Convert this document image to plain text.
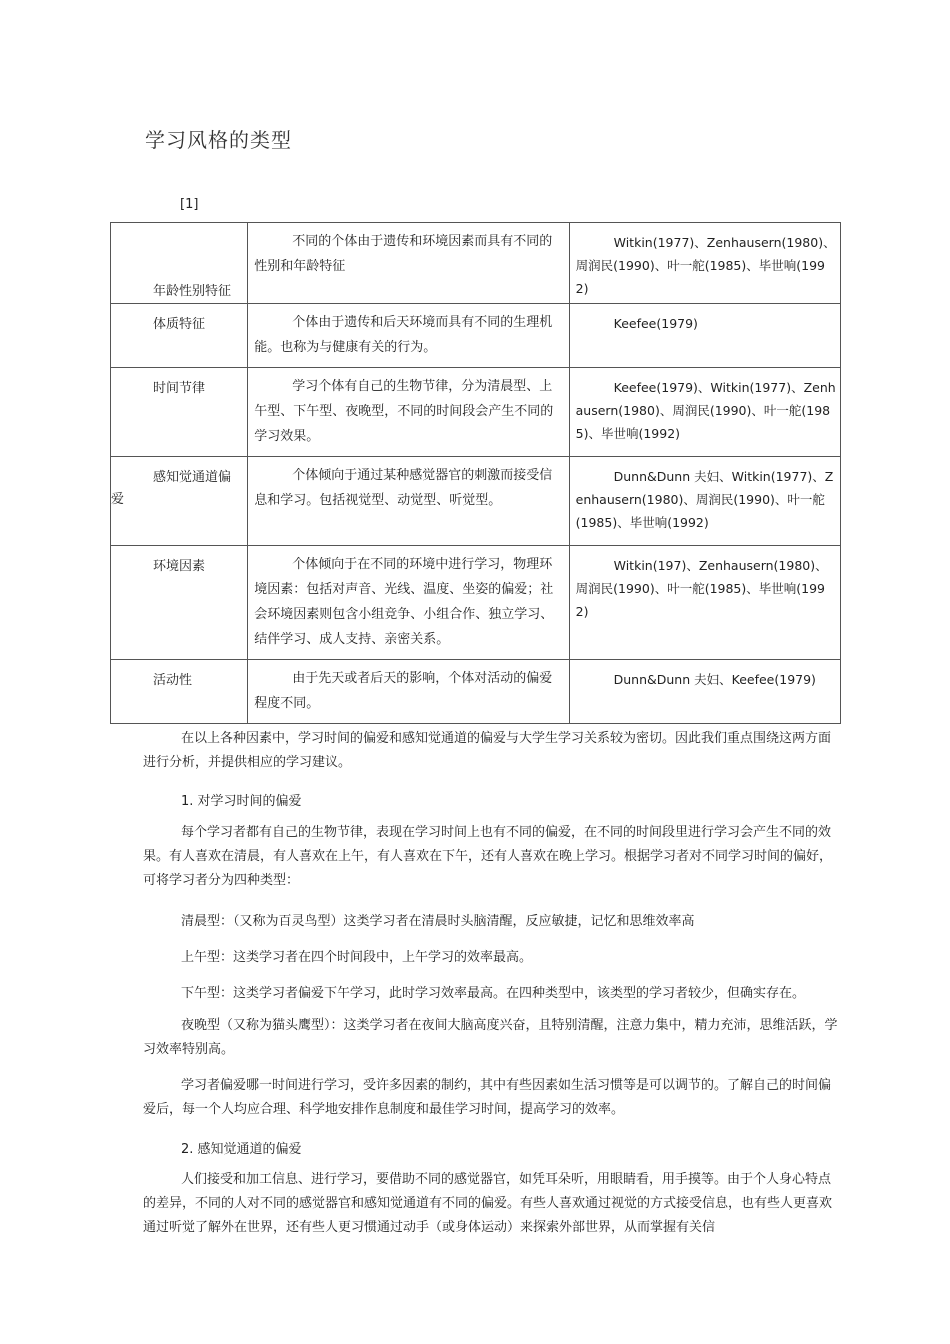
学习风格的类型
[1]
年龄性别特征	不同的个体由于遗传和环境因素而具有不同的性别和年龄特征	Witkin(1977)、Zenhausern(1980)、周润民(1990)、叶一舵(1985)、毕世响(1992)

体质特征	个体由于遗传和后天环境而具有不同的生理机能。也称为与健康有关的行为。	Keefee(1979)

时间节律	学习个体有自己的生物节律，分为清晨型、上午型、下午型、夜晚型，不同的时间段会产生不同的学习效果。	Keefee(1979)、Witkin(1977)、Zenhausern(1980)、周润民(1990)、叶一舵(1985)、毕世响(1992)

感知觉通道偏爱	个体倾向于通过某种感觉器官的刺激而接受信息和学习。包括视觉型、动觉型、听觉型。	Dunn&Dunn 夫妇、Witkin(1977)、Zenhausern(1980)、周润民(1990)、叶一舵(1985)、毕世响(1992)

环境因素	个体倾向于在不同的环境中进行学习，物理环境因素：包括对声音、光线、温度、坐姿的偏爱；社会环境因素则包含小组竞争、小组合作、独立学习、结伴学习、成人支持、亲密关系。	Witkin(197)、Zenhausern(1980)、周润民(1990)、叶一舵(1985)、毕世响(1992)

活动性	由于先天或者后天的影响，个体对活动的偏爱程度不同。	Dunn&Dunn 夫妇、Keefee(1979)
在以上各种因素中，学习时间的偏爱和感知觉通道的偏爱与大学生学习关系较为密切。因此我们重点围绕这两方面进行分析，并提供相应的学习建议。
1. 对学习时间的偏爱
每个学习者都有自己的生物节律，表现在学习时间上也有不同的偏爱，在不同的时间段里进行学习会产生不同的效果。有人喜欢在清晨，有人喜欢在上午，有人喜欢在下午，还有人喜欢在晚上学习。根据学习者对不同学习时间的偏好，可将学习者分为四种类型：
清晨型：（又称为百灵鸟型）这类学习者在清晨时头脑清醒，反应敏捷，记忆和思维效率高
上午型：这类学习者在四个时间段中，上午学习的效率最高。
下午型：这类学习者偏爱下午学习，此时学习效率最高。在四种类型中，该类型的学习者较少，但确实存在。
夜晚型（又称为猫头鹰型）：这类学习者在夜间大脑高度兴奋，且特别清醒，注意力集中，精力充沛，思维活跃，学习效率特别高。
学习者偏爱哪一时间进行学习，受许多因素的制约，其中有些因素如生活习惯等是可以调节的。了解自己的时间偏爱后，每一个人均应合理、科学地安排作息制度和最佳学习时间，提高学习的效率。
2. 感知觉通道的偏爱
人们接受和加工信息、进行学习，要借助不同的感觉器官，如凭耳朵听，用眼睛看，用手摸等。由于个人身心特点的差异，不同的人对不同的感觉器官和感知觉通道有不同的偏爱。有些人喜欢通过视觉的方式接受信息，也有些人更喜欢通过听觉了解外在世界，还有些人更习惯通过动手（或身体运动）来探索外部世界，从而掌握有关信
